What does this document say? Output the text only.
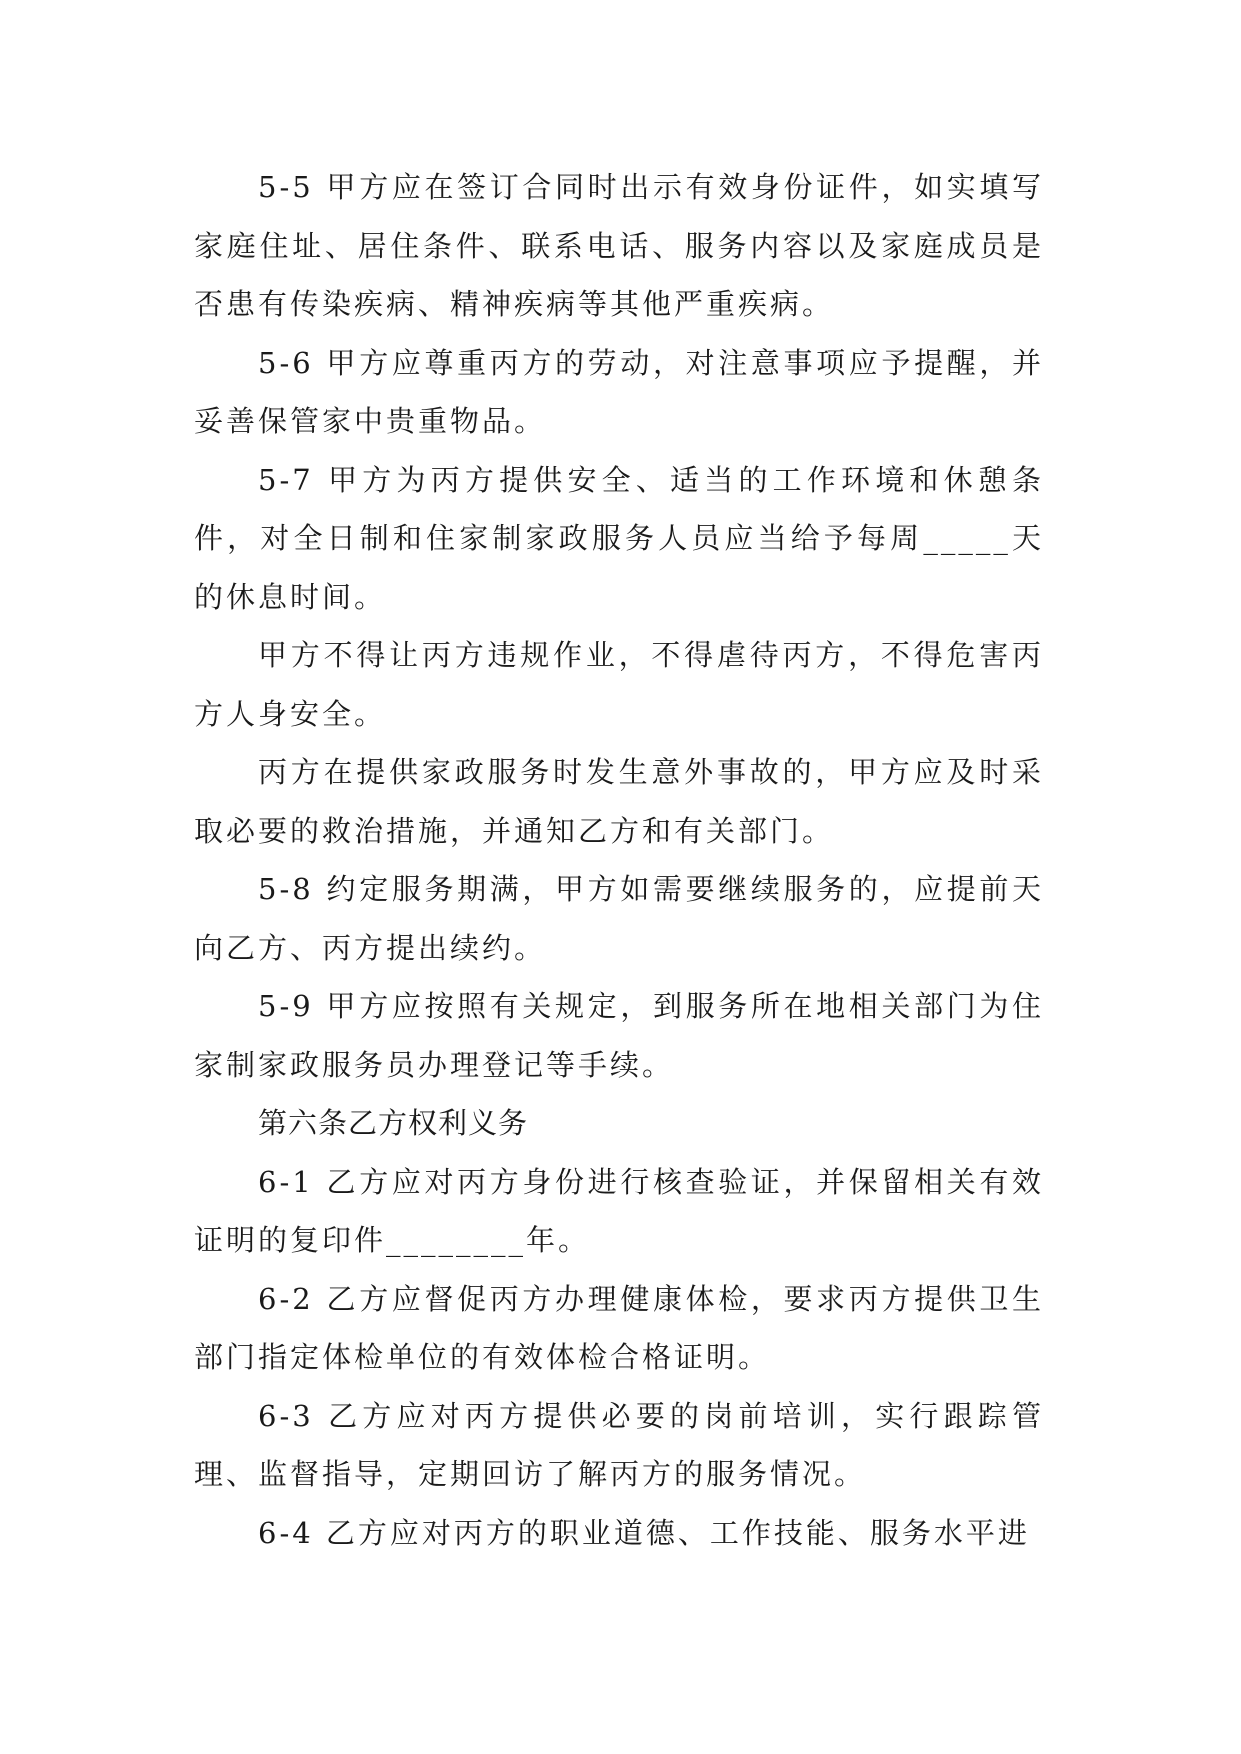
5-5 甲方应在签订合同时出示有效身份证件，如实填写家庭住址、居住条件、联系电话、服务内容以及家庭成员是否患有传染疾病、精神疾病等其他严重疾病。

5-6 甲方应尊重丙方的劳动，对注意事项应予提醒，并妥善保管家中贵重物品。

5-7 甲方为丙方提供安全、适当的工作环境和休憩条件，对全日制和住家制家政服务人员应当给予每周_____天的休息时间。

甲方不得让丙方违规作业，不得虐待丙方，不得危害丙方人身安全。

丙方在提供家政服务时发生意外事故的，甲方应及时采取必要的救治措施，并通知乙方和有关部门。

5-8 约定服务期满，甲方如需要继续服务的，应提前天向乙方、丙方提出续约。

5-9 甲方应按照有关规定，到服务所在地相关部门为住家制家政服务员办理登记等手续。

第六条乙方权利义务

6-1 乙方应对丙方身份进行核查验证，并保留相关有效证明的复印件________年。

6-2 乙方应督促丙方办理健康体检，要求丙方提供卫生部门指定体检单位的有效体检合格证明。

6-3 乙方应对丙方提供必要的岗前培训，实行跟踪管理、监督指导，定期回访了解丙方的服务情况。

6-4 乙方应对丙方的职业道德、工作技能、服务水平进
